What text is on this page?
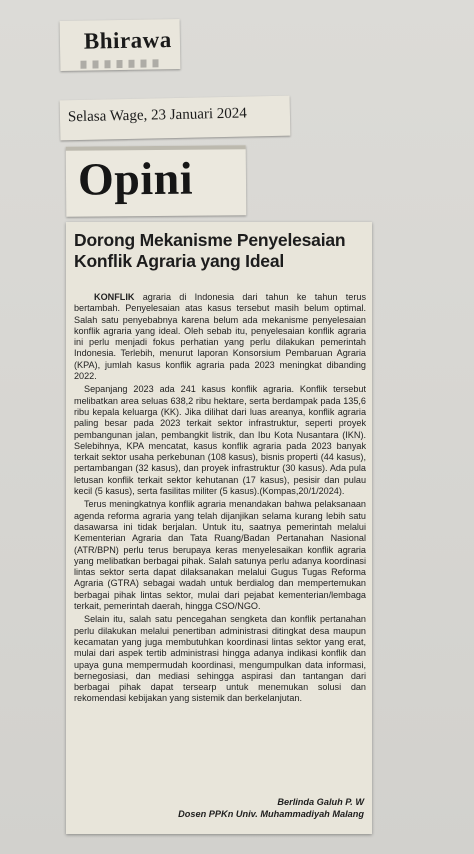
Bhirawa
Selasa Wage, 23 Januari 2024
Opini
Dorong Mekanisme Penyelesaian Konflik Agraria yang Ideal

KONFLIK agraria di Indonesia dari tahun ke tahun terus bertambah. Penyelesaian atas kasus tersebut masih belum optimal. Salah satu penyebabnya karena belum ada mekanisme penyelesaian konflik agraria yang ideal. Oleh sebab itu, penyelesaian konflik agraria ini perlu menjadi fokus perhatian yang perlu dilakukan pemerintah Indonesia. Terlebih, menurut laporan Konsorsium Pembaruan Agraria (KPA), jumlah kasus konflik agraria pada 2023 meningkat dibanding 2022.

Sepanjang 2023 ada 241 kasus konflik agraria. Konflik tersebut melibatkan area seluas 638,2 ribu hektare, serta berdampak pada 135,6 ribu kepala keluarga (KK). Jika dilihat dari luas areanya, konflik agraria paling besar pada 2023 terkait sektor infrastruktur, seperti proyek pembangunan jalan, pembangkit listrik, dan Ibu Kota Nusantara (IKN). Selebihnya, KPA mencatat, kasus konflik agraria pada 2023 banyak terkait sektor usaha perkebunan (108 kasus), bisnis properti (44 kasus), pertambangan (32 kasus), dan proyek infrastruktur (30 kasus). Ada pula letusan konflik terkait sektor kehutanan (17 kasus), pesisir dan pulau kecil (5 kasus), serta fasilitas militer (5 kasus).(Kompas,20/1/2024).

Terus meningkatnya konflik agraria menandakan bahwa pelaksanaan agenda reforma agraria yang telah dijanjikan selama kurang lebih satu dasawarsa ini tidak berjalan. Untuk itu, saatnya pemerintah melalui Kementerian Agraria dan Tata Ruang/Badan Pertanahan Nasional (ATR/BPN) perlu terus berupaya keras menyelesaikan konflik agraria yang melibatkan berbagai pihak. Salah satunya perlu adanya koordinasi lintas sektor serta dapat dilaksanakan melalui Gugus Tugas Reforma Agraria (GTRA) sebagai wadah untuk berdialog dan mempertemukan berbagai pihak lintas sektor, mulai dari pejabat kementerian/lembaga terkait, pemerintah daerah, hingga CSO/NGO.

Selain itu, salah satu pencegahan sengketa dan konflik pertanahan perlu dilakukan melalui penertiban administrasi ditingkat desa maupun kecamatan yang juga membutuhkan koordinasi lintas sektor yang erat, mulai dari aspek tertib administrasi hingga adanya indikasi konflik dan upaya guna mempermudah koordinasi, mengumpulkan data informasi, bernegosiasi, dan mediasi sehingga aspirasi dan tantangan dari berbagai pihak dapat tersearp untuk menemukan solusi dan rekomendasi kebijakan yang sistemik dan berkelanjutan.

Berlinda Galuh P. W
Dosen PPKn Univ. Muhammadiyah Malang
